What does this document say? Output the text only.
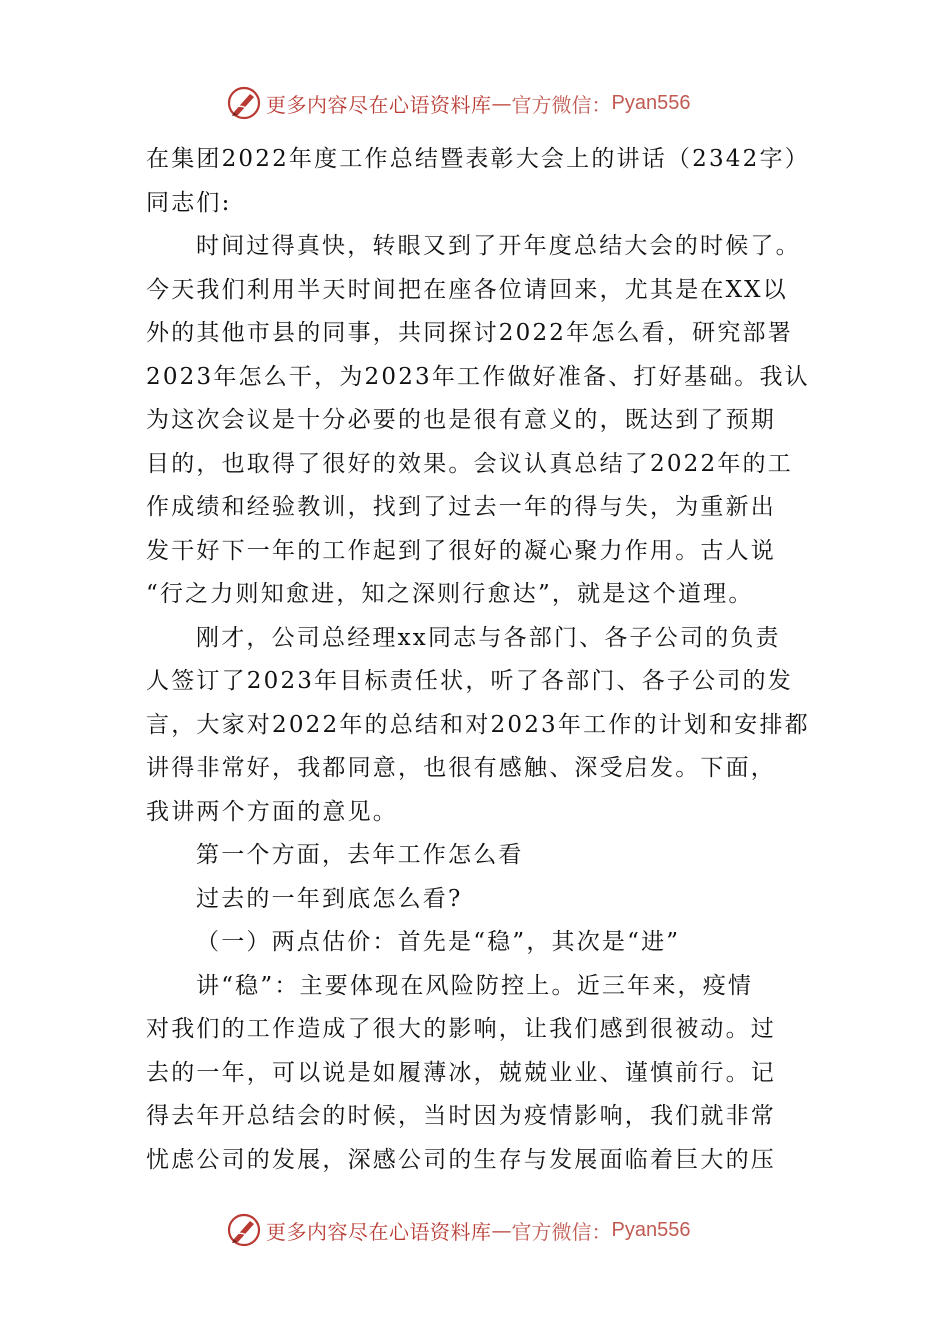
更多内容尽在心语资料库 — 官方微信： Pyan556
在集团2022年度工作总结暨表彰大会上的讲话（2342字）
同志们:
时间过得真快，转眼又到了开年度总结大会的时候了。
今天我们利用半天时间把在座各位请回来，尤其是在XX以
外的其他市县的同事，共同探讨2022年怎么看，研究部署
2023年怎么干，为2023年工作做好准备、打好基础。我认
为这次会议是十分必要的也是很有意义的，既达到了预期
目的，也取得了很好的效果。会议认真总结了2022年的工
作成绩和经验教训，找到了过去一年的得与失，为重新出
发干好下一年的工作起到了很好的凝心聚力作用。古人说
“行之力则知愈进，知之深则行愈达”，就是这个道理。
刚才，公司总经理xx同志与各部门、各子公司的负责
人签订了2023年目标责任状，听了各部门、各子公司的发
言，大家对2022年的总结和对2023年工作的计划和安排都
讲得非常好，我都同意，也很有感触、深受启发。下面，
我讲两个方面的意见。
第一个方面，去年工作怎么看
过去的一年到底怎么看?
（一）两点估价：首先是“稳”，其次是“进”
讲“稳”：主要体现在风险防控上。近三年来，疫情
对我们的工作造成了很大的影响，让我们感到很被动。过
去的一年，可以说是如履薄冰，兢兢业业、谨慎前行。记
得去年开总结会的时候，当时因为疫情影响，我们就非常
忧虑公司的发展，深感公司的生存与发展面临着巨大的压
更多内容尽在心语资料库 — 官方微信： Pyan556
